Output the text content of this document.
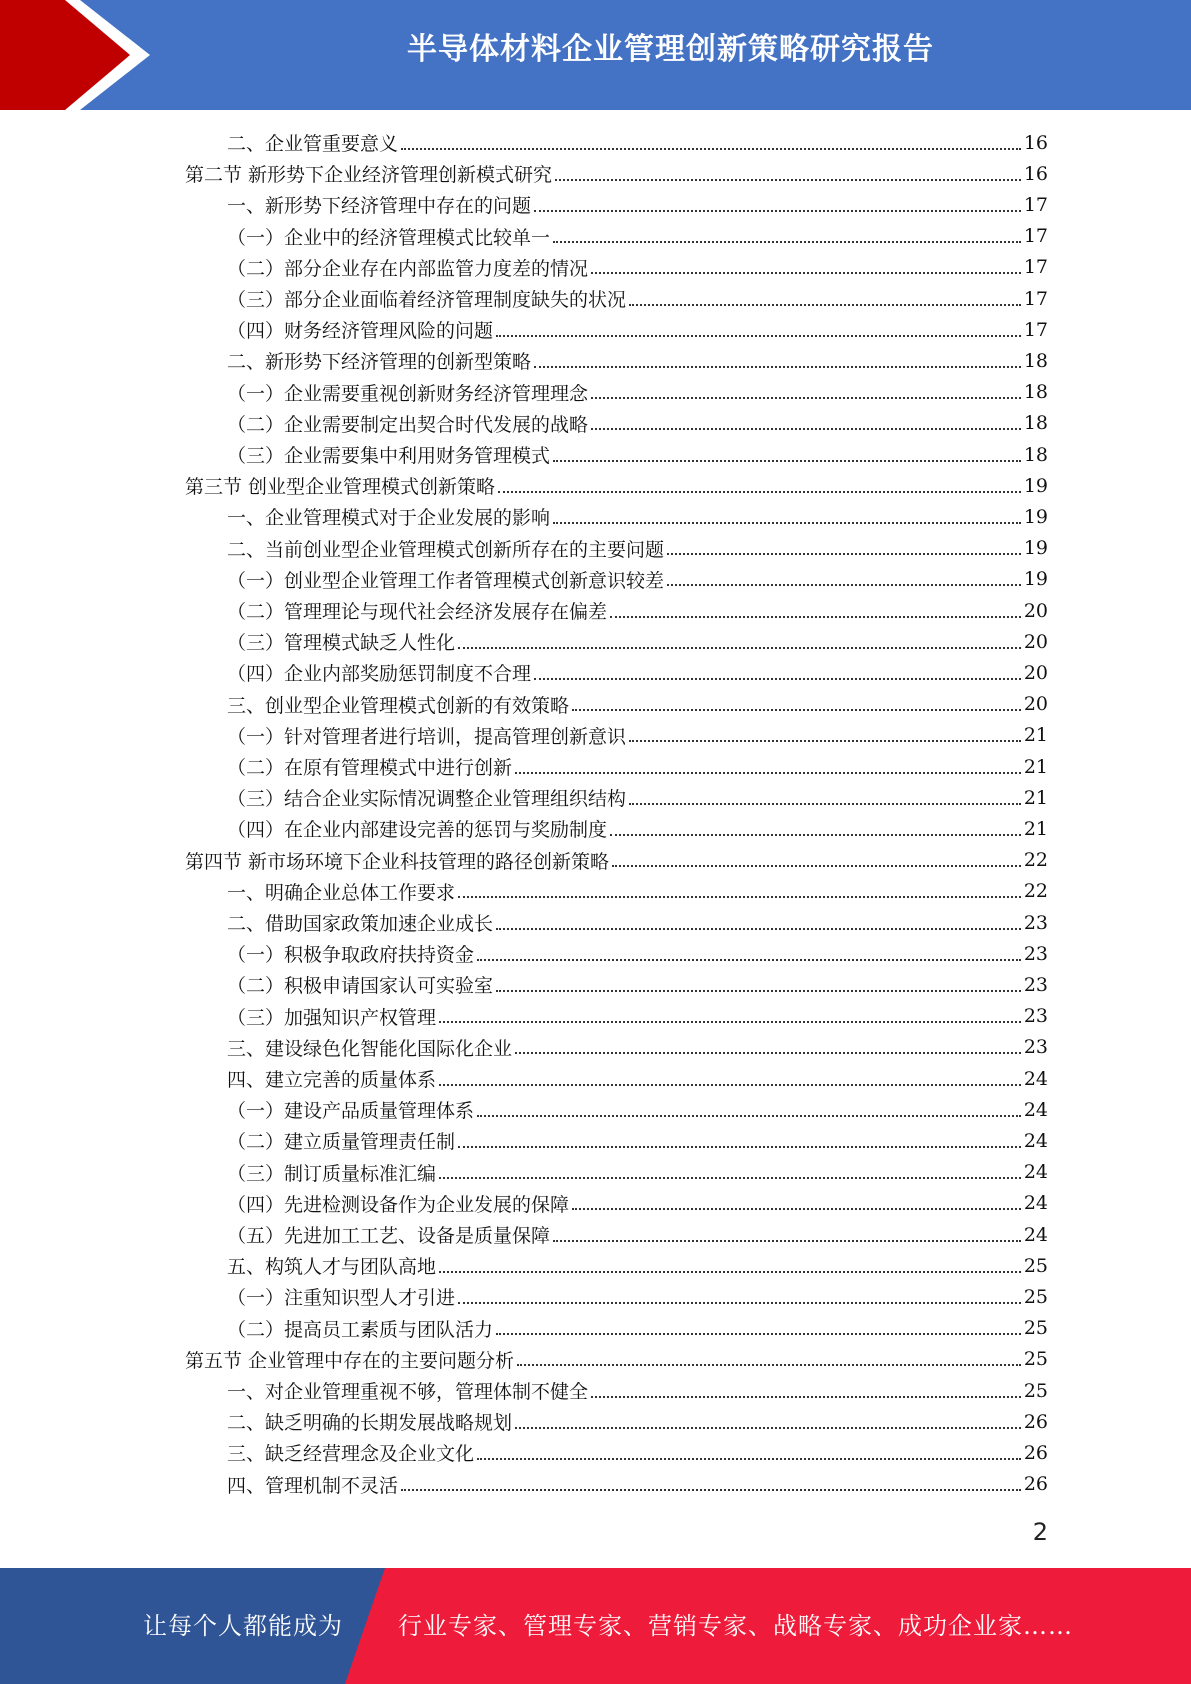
半导体材料企业管理创新策略研究报告
二、企业管重要意义	16
第二节 新形势下企业经济管理创新模式研究	16
一、新形势下经济管理中存在的问题	17
（一）企业中的经济管理模式比较单一	17
（二）部分企业存在内部监管力度差的情况	17
（三）部分企业面临着经济管理制度缺失的状况	17
（四）财务经济管理风险的问题	17
二、新形势下经济管理的创新型策略	18
（一）企业需要重视创新财务经济管理理念	18
（二）企业需要制定出契合时代发展的战略	18
（三）企业需要集中利用财务管理模式	18
第三节 创业型企业管理模式创新策略	19
一、企业管理模式对于企业发展的影响	19
二、当前创业型企业管理模式创新所存在的主要问题	19
（一）创业型企业管理工作者管理模式创新意识较差	19
（二）管理理论与现代社会经济发展存在偏差	20
（三）管理模式缺乏人性化	20
（四）企业内部奖励惩罚制度不合理	20
三、创业型企业管理模式创新的有效策略	20
（一）针对管理者进行培训，提高管理创新意识	21
（二）在原有管理模式中进行创新	21
（三）结合企业实际情况调整企业管理组织结构	21
（四）在企业内部建设完善的惩罚与奖励制度	21
第四节 新市场环境下企业科技管理的路径创新策略	22
一、明确企业总体工作要求	22
二、借助国家政策加速企业成长	23
（一）积极争取政府扶持资金	23
（二）积极申请国家认可实验室	23
（三）加强知识产权管理	23
三、建设绿色化智能化国际化企业	23
四、建立完善的质量体系	24
（一）建设产品质量管理体系	24
（二）建立质量管理责任制	24
（三）制订质量标准汇编	24
（四）先进检测设备作为企业发展的保障	24
（五）先进加工工艺、设备是质量保障	24
五、构筑人才与团队高地	25
（一）注重知识型人才引进	25
（二）提高员工素质与团队活力	25
第五节 企业管理中存在的主要问题分析	25
一、对企业管理重视不够，管理体制不健全	25
二、缺乏明确的长期发展战略规划	26
三、缺乏经营理念及企业文化	26
四、管理机制不灵活	26
2
让每个人都能成为 行业专家、管理专家、营销专家、战略专家、成功企业家……
